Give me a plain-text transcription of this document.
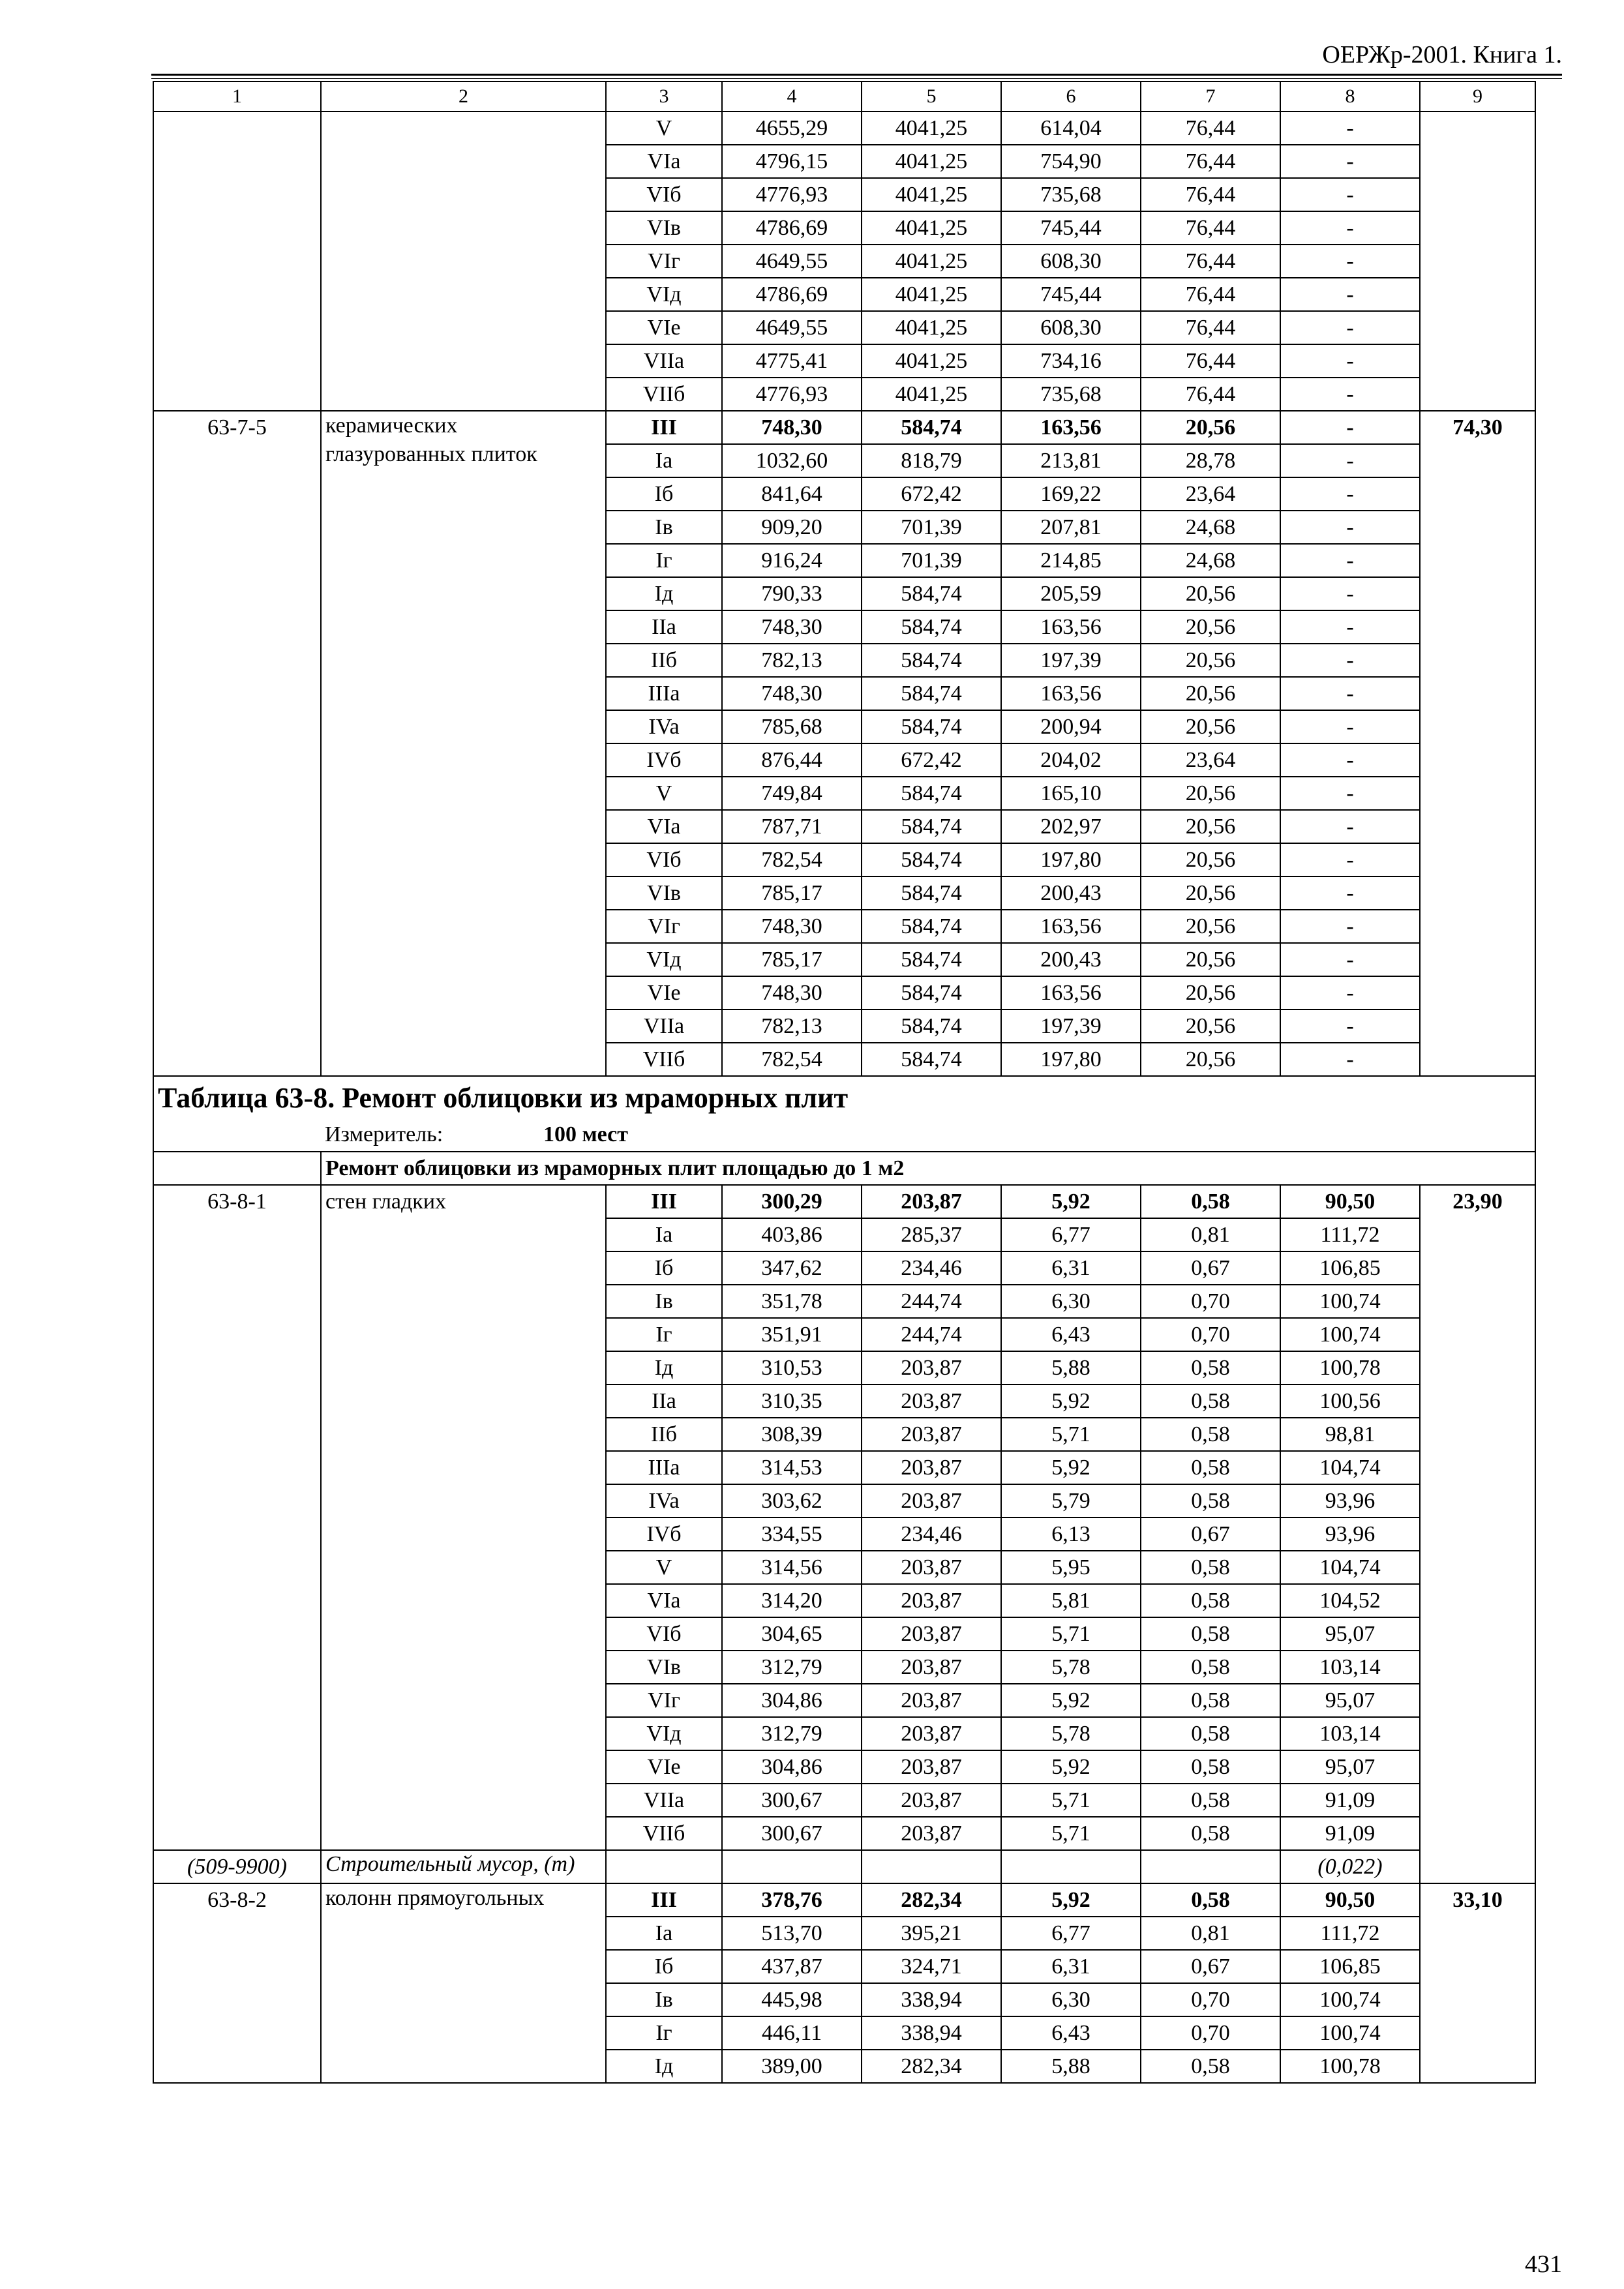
ОЕРЖр-2001. Книга 1.
1	2	3	4	5	6	7	8	9
		V	4655,29	4041,25	614,04	76,44	-	
		VIa	4796,15	4041,25	754,90	76,44	-	
		VIб	4776,93	4041,25	735,68	76,44	-	
		VIв	4786,69	4041,25	745,44	76,44	-	
		VIг	4649,55	4041,25	608,30	76,44	-	
		VIд	4786,69	4041,25	745,44	76,44	-	
		VIe	4649,55	4041,25	608,30	76,44	-	
		VIIa	4775,41	4041,25	734,16	76,44	-	
		VIIб	4776,93	4041,25	735,68	76,44	-	
63-7-5	керамических глазурованных плиток	III	748,30	584,74	163,56	20,56	-	74,30
		Ia	1032,60	818,79	213,81	28,78	-	
		Iб	841,64	672,42	169,22	23,64	-	
		Iв	909,20	701,39	207,81	24,68	-	
		Iг	916,24	701,39	214,85	24,68	-	
		Iд	790,33	584,74	205,59	20,56	-	
		IIa	748,30	584,74	163,56	20,56	-	
		IIб	782,13	584,74	197,39	20,56	-	
		IIIa	748,30	584,74	163,56	20,56	-	
		IVa	785,68	584,74	200,94	20,56	-	
		IVб	876,44	672,42	204,02	23,64	-	
		V	749,84	584,74	165,10	20,56	-	
		VIa	787,71	584,74	202,97	20,56	-	
		VIб	782,54	584,74	197,80	20,56	-	
		VIв	785,17	584,74	200,43	20,56	-	
		VIг	748,30	584,74	163,56	20,56	-	
		VIд	785,17	584,74	200,43	20,56	-	
		VIe	748,30	584,74	163,56	20,56	-	
		VIIa	782,13	584,74	197,39	20,56	-	
		VIIб	782,54	584,74	197,80	20,56	-	

Таблица 63-8. Ремонт облицовки из мраморных плит
Измеритель: 100 мест								

	Ремонт облицовки из мраморных плит площадью до 1 м2							
63-8-1	стен гладких	III	300,29	203,87	5,92	0,58	90,50	23,90
		Ia	403,86	285,37	6,77	0,81	111,72	
		Iб	347,62	234,46	6,31	0,67	106,85	
		Iв	351,78	244,74	6,30	0,70	100,74	
		Iг	351,91	244,74	6,43	0,70	100,74	
		Iд	310,53	203,87	5,88	0,58	100,78	
		IIa	310,35	203,87	5,92	0,58	100,56	
		IIб	308,39	203,87	5,71	0,58	98,81	
		IIIa	314,53	203,87	5,92	0,58	104,74	
		IVa	303,62	203,87	5,79	0,58	93,96	
		IVб	334,55	234,46	6,13	0,67	93,96	
		V	314,56	203,87	5,95	0,58	104,74	
		VIa	314,20	203,87	5,81	0,58	104,52	
		VIб	304,65	203,87	5,71	0,58	95,07	
		VIв	312,79	203,87	5,78	0,58	103,14	
		VIг	304,86	203,87	5,92	0,58	95,07	
		VIд	312,79	203,87	5,78	0,58	103,14	
		VIe	304,86	203,87	5,92	0,58	95,07	
		VIIa	300,67	203,87	5,71	0,58	91,09	
		VIIб	300,67	203,87	5,71	0,58	91,09	
(509-9900)	Строительный мусор, (т)						(0,022)	
63-8-2	колонн прямоугольных	III	378,76	282,34	5,92	0,58	90,50	33,10
		Ia	513,70	395,21	6,77	0,81	111,72	
		Iб	437,87	324,71	6,31	0,67	106,85	
		Iв	445,98	338,94	6,30	0,70	100,74	
		Iг	446,11	338,94	6,43	0,70	100,74	
		Iд	389,00	282,34	5,88	0,58	100,78	
431
